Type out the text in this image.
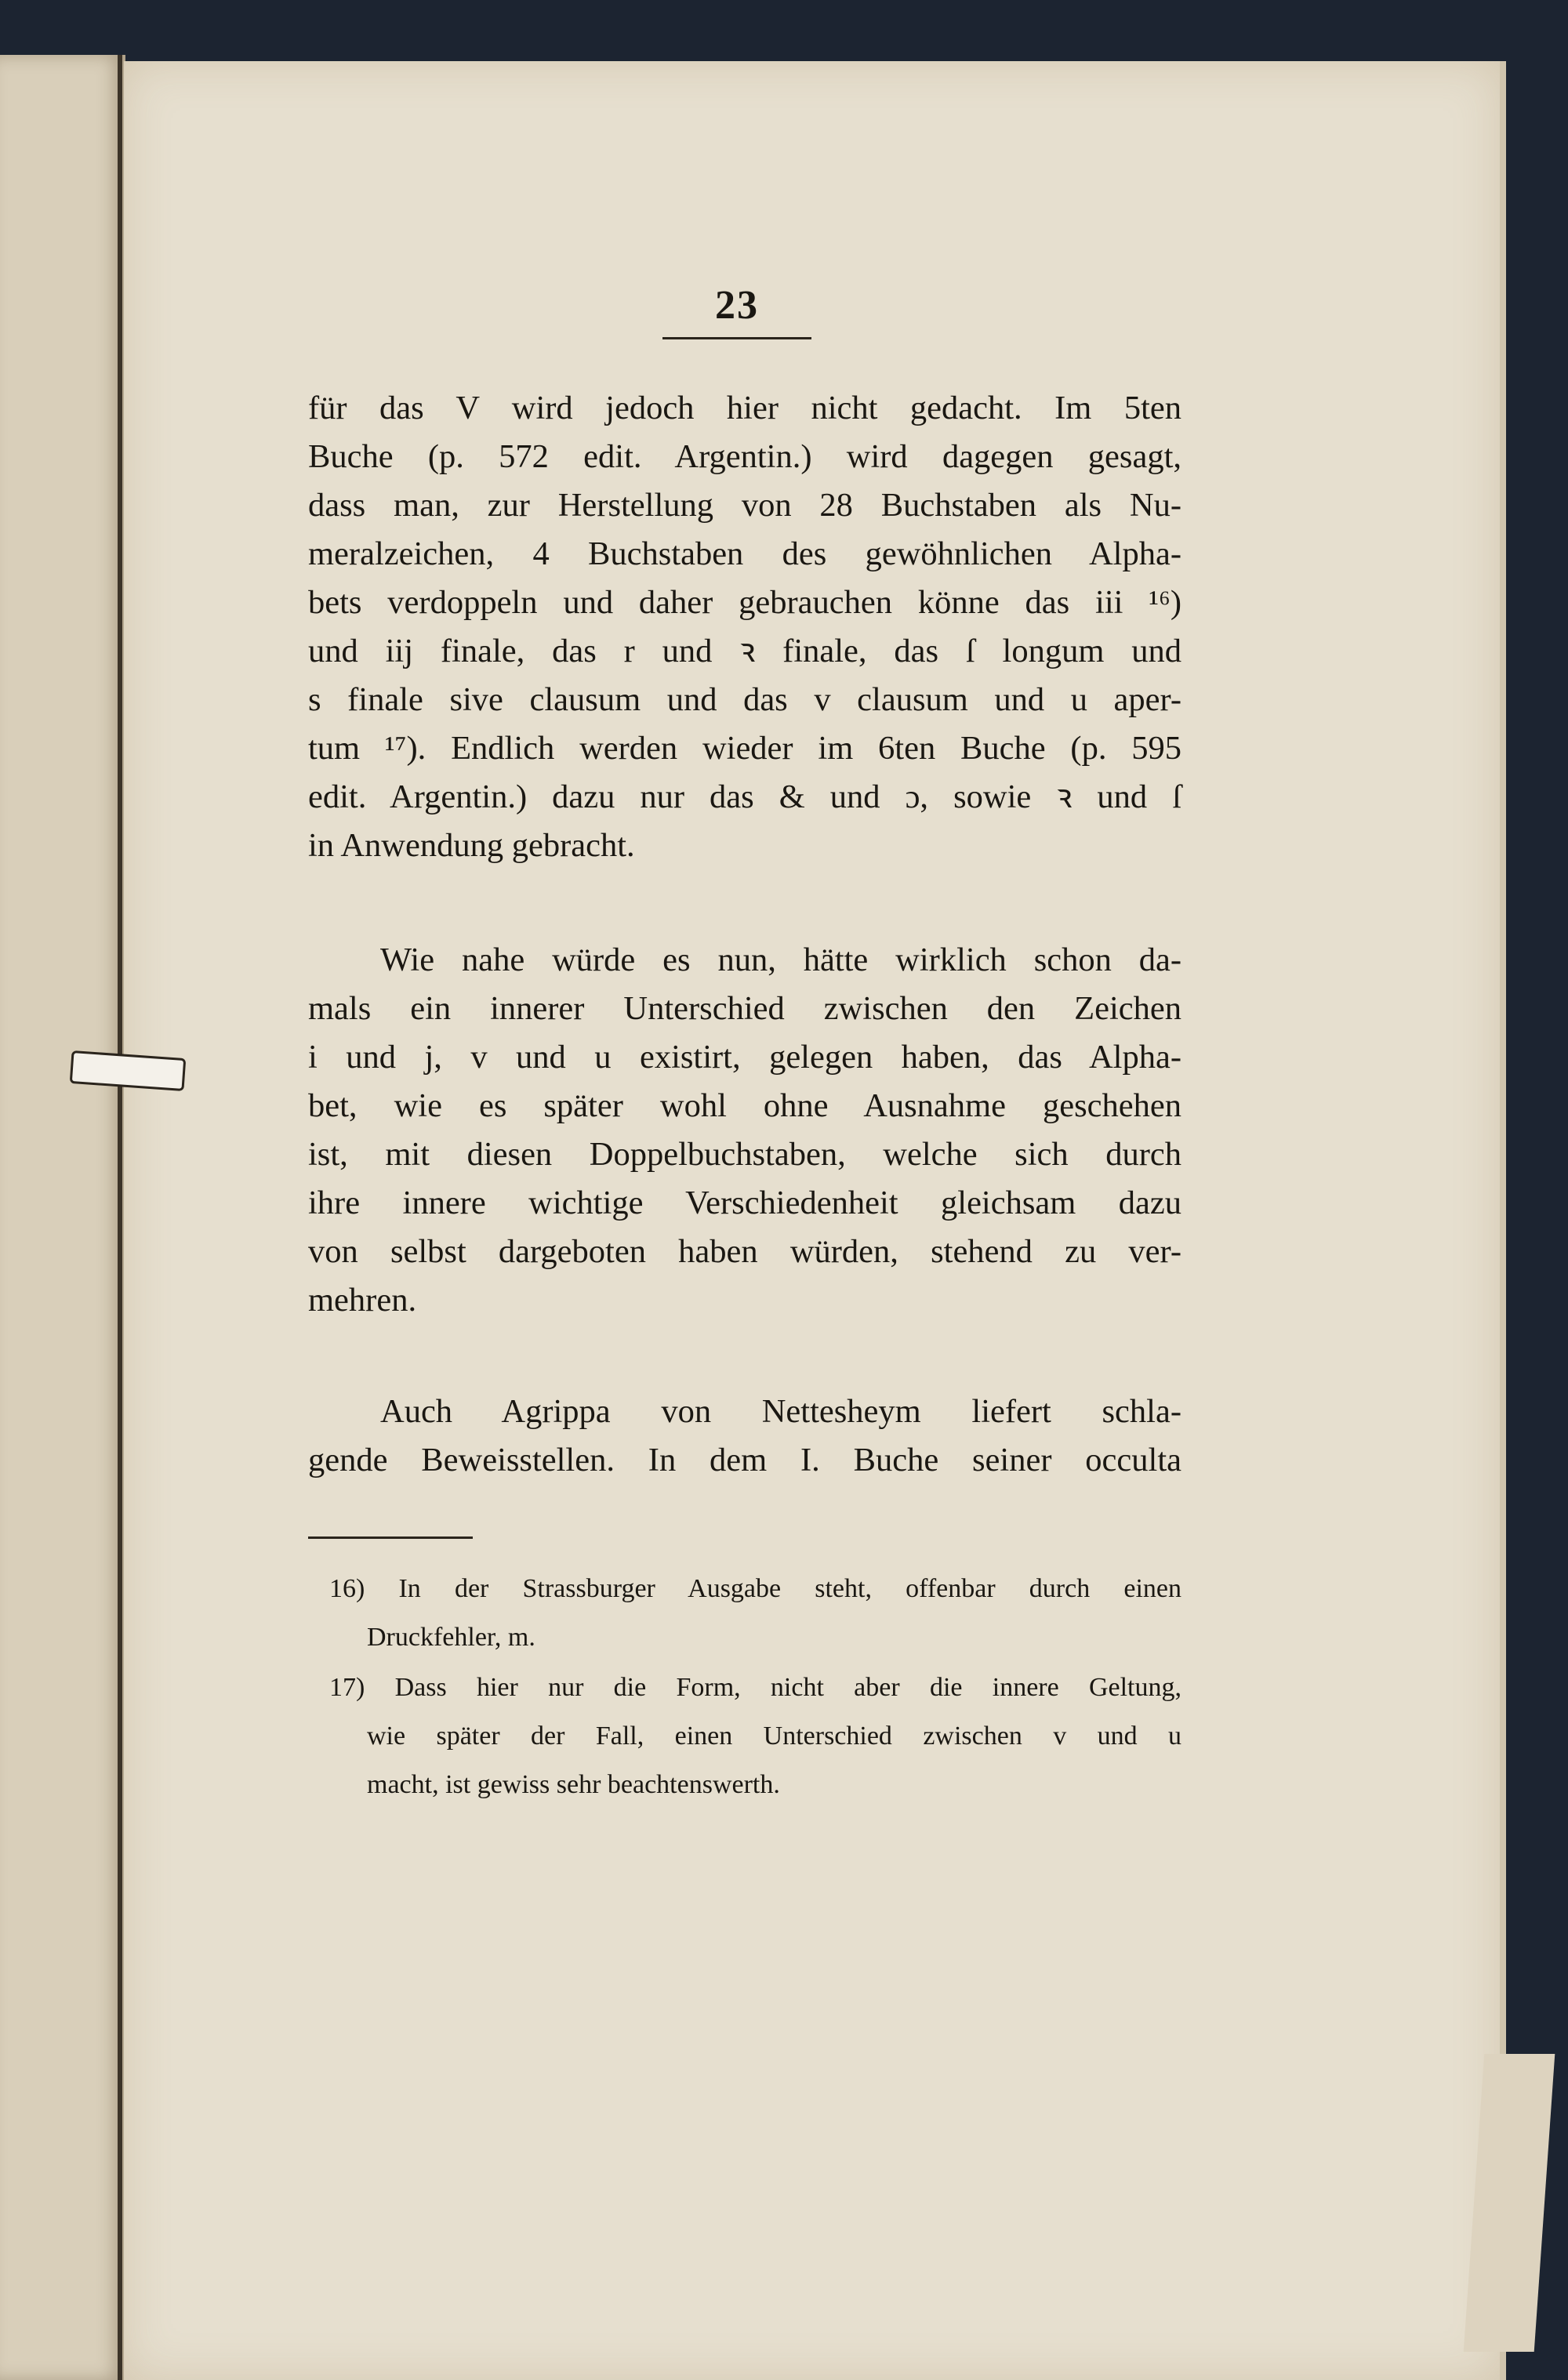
23
für das V wird jedoch hier nicht gedacht. Im 5ten
Buche (p. 572 edit. Argentin.) wird dagegen gesagt,
dass man, zur Herstellung von 28 Buchstaben als Nu-
meralzeichen, 4 Buchstaben des gewöhnlichen Alpha-
bets verdoppeln und daher gebrauchen könne das iii ¹⁶)
und iij finale, das r und ꝛ finale, das ſ longum und
s finale sive clausum und das v clausum und u aper-
tum ¹⁷). Endlich werden wieder im 6ten Buche (p. 595
edit. Argentin.) dazu nur das & und ɔ, sowie ꝛ und ſ
in Anwendung gebracht.
Wie nahe würde es nun, hätte wirklich schon da-
mals ein innerer Unterschied zwischen den Zeichen
i und j, v und u existirt, gelegen haben, das Alpha-
bet, wie es später wohl ohne Ausnahme geschehen
ist, mit diesen Doppelbuchstaben, welche sich durch
ihre innere wichtige Verschiedenheit gleichsam dazu
von selbst dargeboten haben würden, stehend zu ver-
mehren.
Auch Agrippa von Nettesheym liefert schla-
gende Beweisstellen. In dem I. Buche seiner occulta
16) In der Strassburger Ausgabe steht, offenbar durch einen
Druckfehler, m.
17) Dass hier nur die Form, nicht aber die innere Geltung,
wie später der Fall, einen Unterschied zwischen v und u
macht, ist gewiss sehr beachtenswerth.
